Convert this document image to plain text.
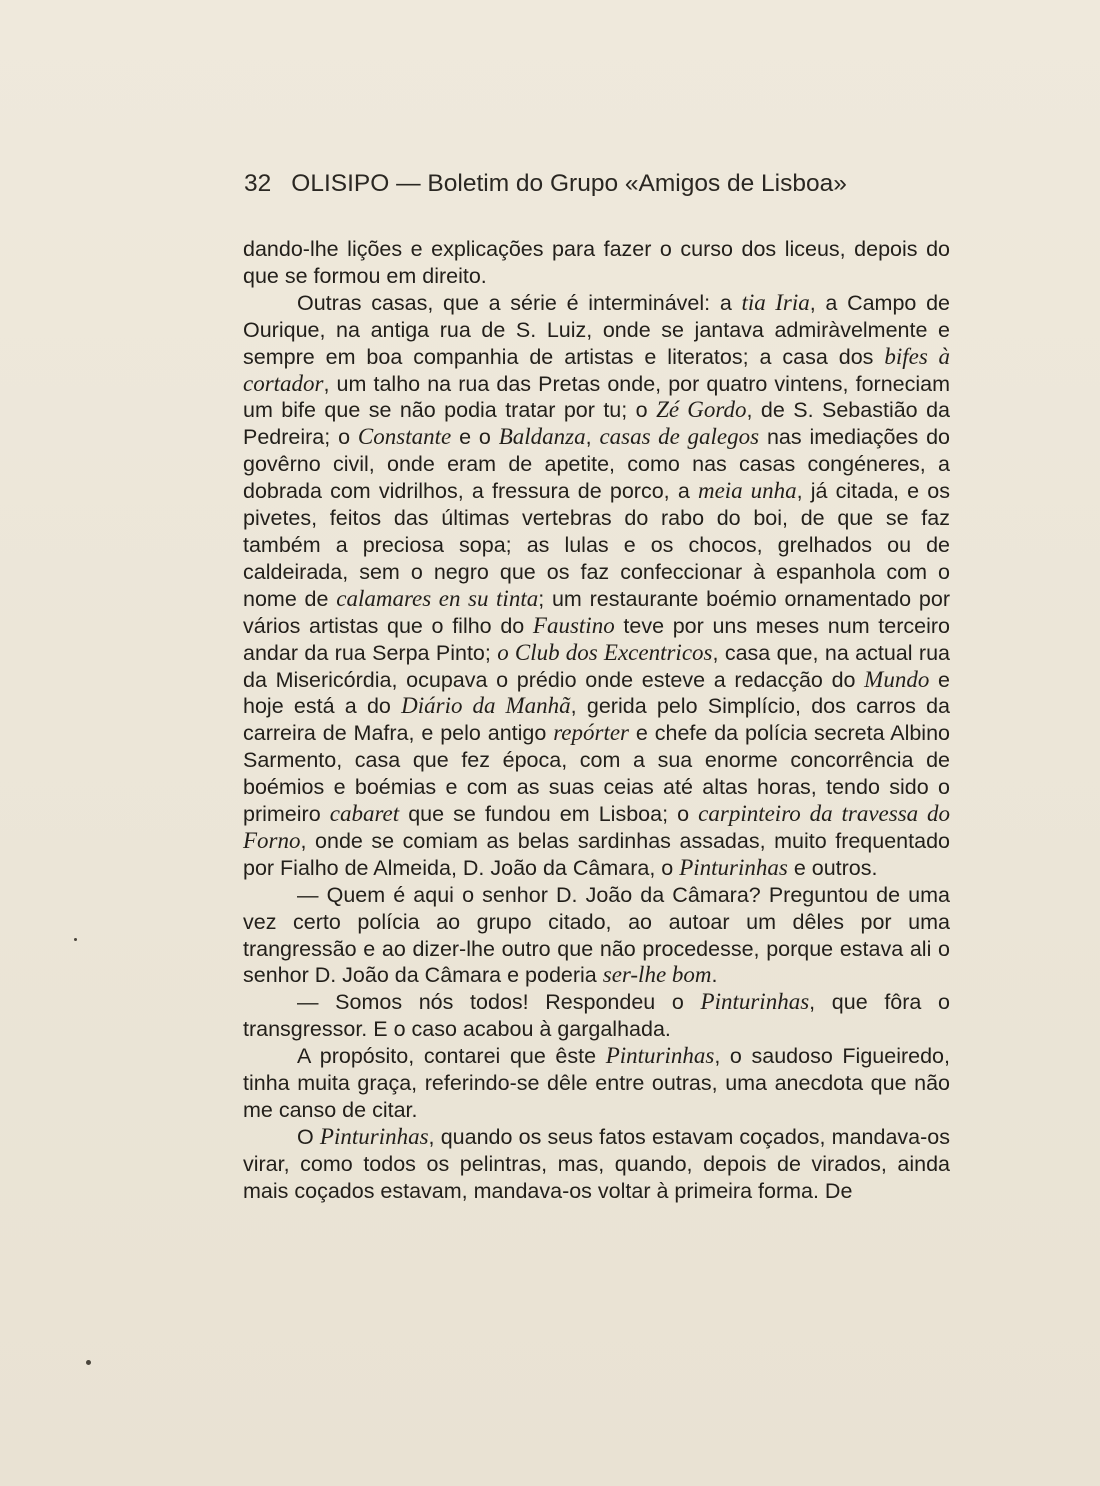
32 OLISIPO — Boletim do Grupo «Amigos de Lisboa»

dando-lhe lições e explicações para fazer o curso dos liceus, depois do que se formou em direito.

Outras casas, que a série é interminável: a tia Iria, a Campo de Ourique, na antiga rua de S. Luiz, onde se jantava admiràvelmente e sempre em boa companhia de artistas e literatos; a casa dos bifes à cortador, um talho na rua das Pretas onde, por quatro vintens, forneciam um bife que se não podia tratar por tu; o Zé Gordo, de S. Sebastião da Pedreira; o Constante e o Baldanza, casas de galegos nas imediações do govêrno civil, onde eram de apetite, como nas casas congéneres, a dobrada com vidrilhos, a fressura de porco, a meia unha, já citada, e os pivetes, feitos das últimas vertebras do rabo do boi, de que se faz também a preciosa sopa; as lulas e os chocos, grelhados ou de caldeirada, sem o negro que os faz confeccionar à espanhola com o nome de calamares en su tinta; um restaurante boémio ornamentado por vários artistas que o filho do Faustino teve por uns meses num terceiro andar da rua Serpa Pinto; o Club dos Excentricos, casa que, na actual rua da Misericórdia, ocupava o prédio onde esteve a redacção do Mundo e hoje está a do Diário da Manhã, gerida pelo Simplício, dos carros da carreira de Mafra, e pelo antigo repórter e chefe da polícia secreta Albino Sarmento, casa que fez época, com a sua enorme concorrência de boémios e boémias e com as suas ceias até altas horas, tendo sido o primeiro cabaret que se fundou em Lisboa; o carpinteiro da travessa do Forno, onde se comiam as belas sardinhas assadas, muito frequentado por Fialho de Almeida, D. João da Câmara, o Pinturinhas e outros.

— Quem é aqui o senhor D. João da Câmara? Preguntou de uma vez certo polícia ao grupo citado, ao autoar um dêles por uma trangressão e ao dizer-lhe outro que não procedesse, porque estava ali o senhor D. João da Câmara e poderia ser-lhe bom.

— Somos nós todos! Respondeu o Pinturinhas, que fôra o transgressor. E o caso acabou à gargalhada.

A propósito, contarei que êste Pinturinhas, o saudoso Figueiredo, tinha muita graça, referindo-se dêle entre outras, uma anecdota que não me canso de citar.

O Pinturinhas, quando os seus fatos estavam coçados, mandava-os virar, como todos os pelintras, mas, quando, depois de virados, ainda mais coçados estavam, mandava-os voltar à primeira forma. De
